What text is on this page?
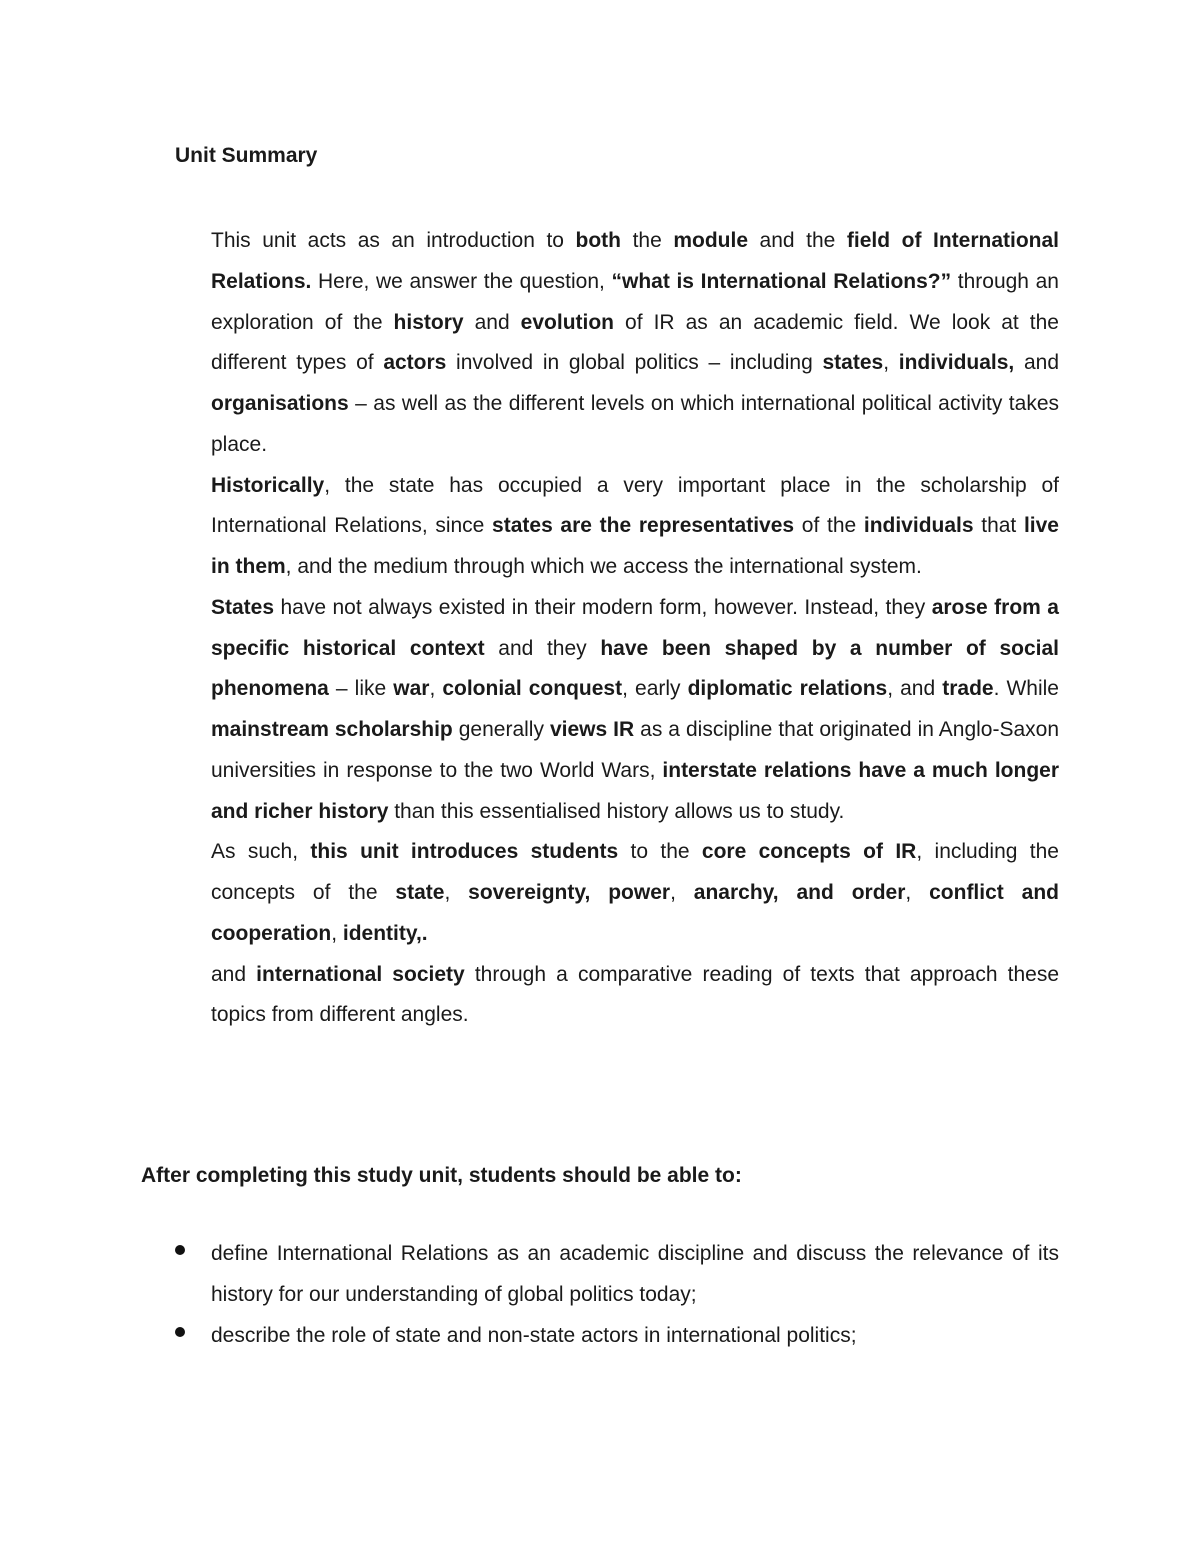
Unit Summary
This unit acts as an introduction to both the module and the field of International Relations. Here, we answer the question, “what is International Relations?” through an exploration of the history and evolution of IR as an academic field. We look at the different types of actors involved in global politics – including states, individuals, and organisations – as well as the different levels on which international political activity takes place.
Historically, the state has occupied a very important place in the scholarship of International Relations, since states are the representatives of the individuals that live in them, and the medium through which we access the international system.
States have not always existed in their modern form, however. Instead, they arose from a specific historical context and they have been shaped by a number of social phenomena – like war, colonial conquest, early diplomatic relations, and trade. While mainstream scholarship generally views IR as a discipline that originated in Anglo-Saxon universities in response to the two World Wars, interstate relations have a much longer and richer history than this essentialised history allows us to study.
As such, this unit introduces students to the core concepts of IR, including the concepts of the state, sovereignty, power, anarchy, and order, conflict and cooperation, identity,.
and international society through a comparative reading of texts that approach these topics from different angles.
After completing this study unit, students should be able to:
define International Relations as an academic discipline and discuss the relevance of its history for our understanding of global politics today;
describe the role of state and non-state actors in international politics;
